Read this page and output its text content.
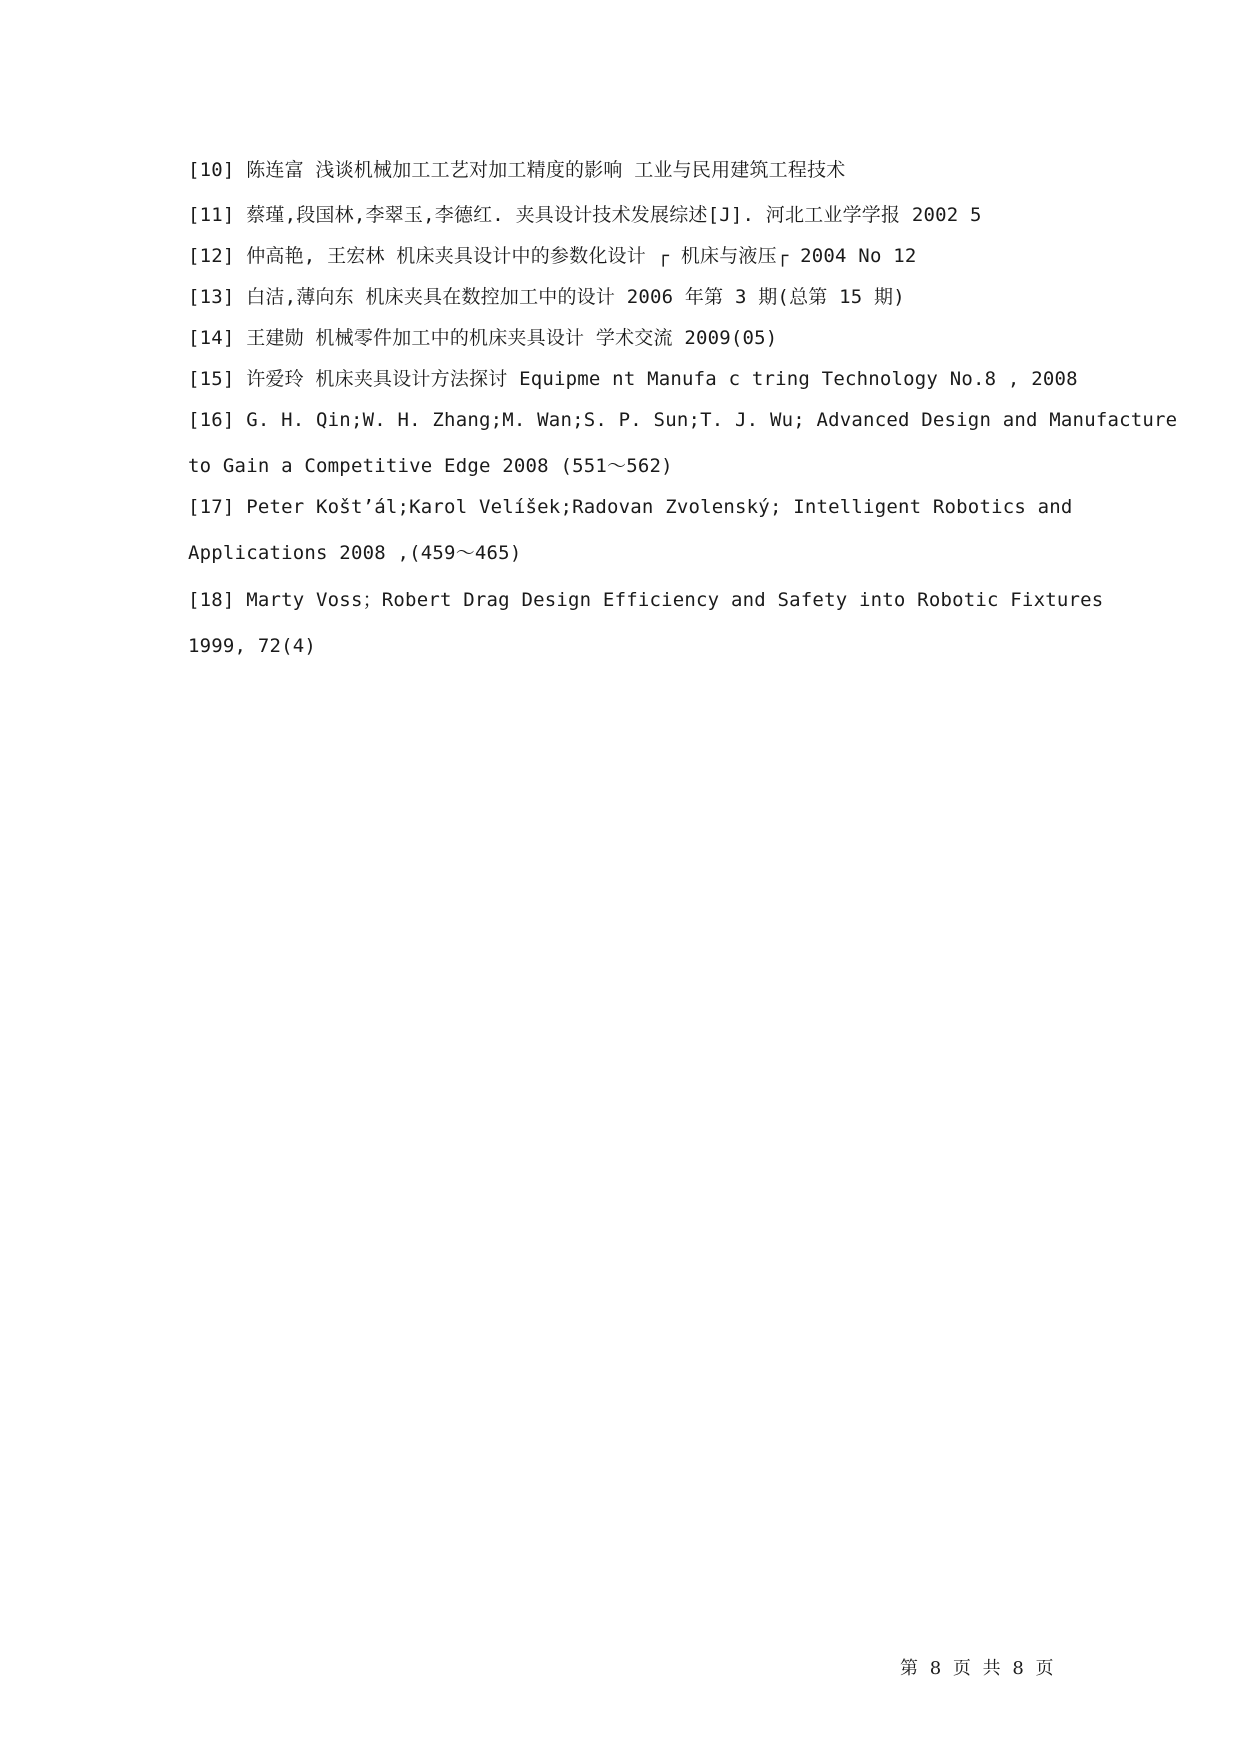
[10] 陈连富 浅谈机械加工工艺对加工精度的影响 工业与民用建筑工程技术

[11] 蔡瑾,段国林,李翠玉,李德红. 夹具设计技术发展综述[J]. 河北工业学学报 2002 5

[12] 仲高艳, 王宏林 机床夹具设计中的参数化设计 ┌ 机床与液压┌ 2004 No 12

[13] 白洁,薄向东 机床夹具在数控加工中的设计 2006 年第 3 期(总第 15 期)

[14] 王建勋 机械零件加工中的机床夹具设计 学术交流 2009(05)

[15] 许爱玲 机床夹具设计方法探讨 Equipme nt Manufa c tring Technology No.8 , 2008

[16] G. H. Qin;W. H. Zhang;M. Wan;S. P. Sun;T. J. Wu; Advanced Design and Manufacture
to Gain a Competitive Edge 2008 (551～562)
[17] Peter Košt’ál;Karol Velíšek;Radovan Zvolenský; Intelligent Robotics and
Applications 2008 ,(459～465)
[18] Marty Voss；Robert Drag Design Efficiency and Safety into Robotic Fixtures
1999, 72(4)
第 8 页 共 8 页
